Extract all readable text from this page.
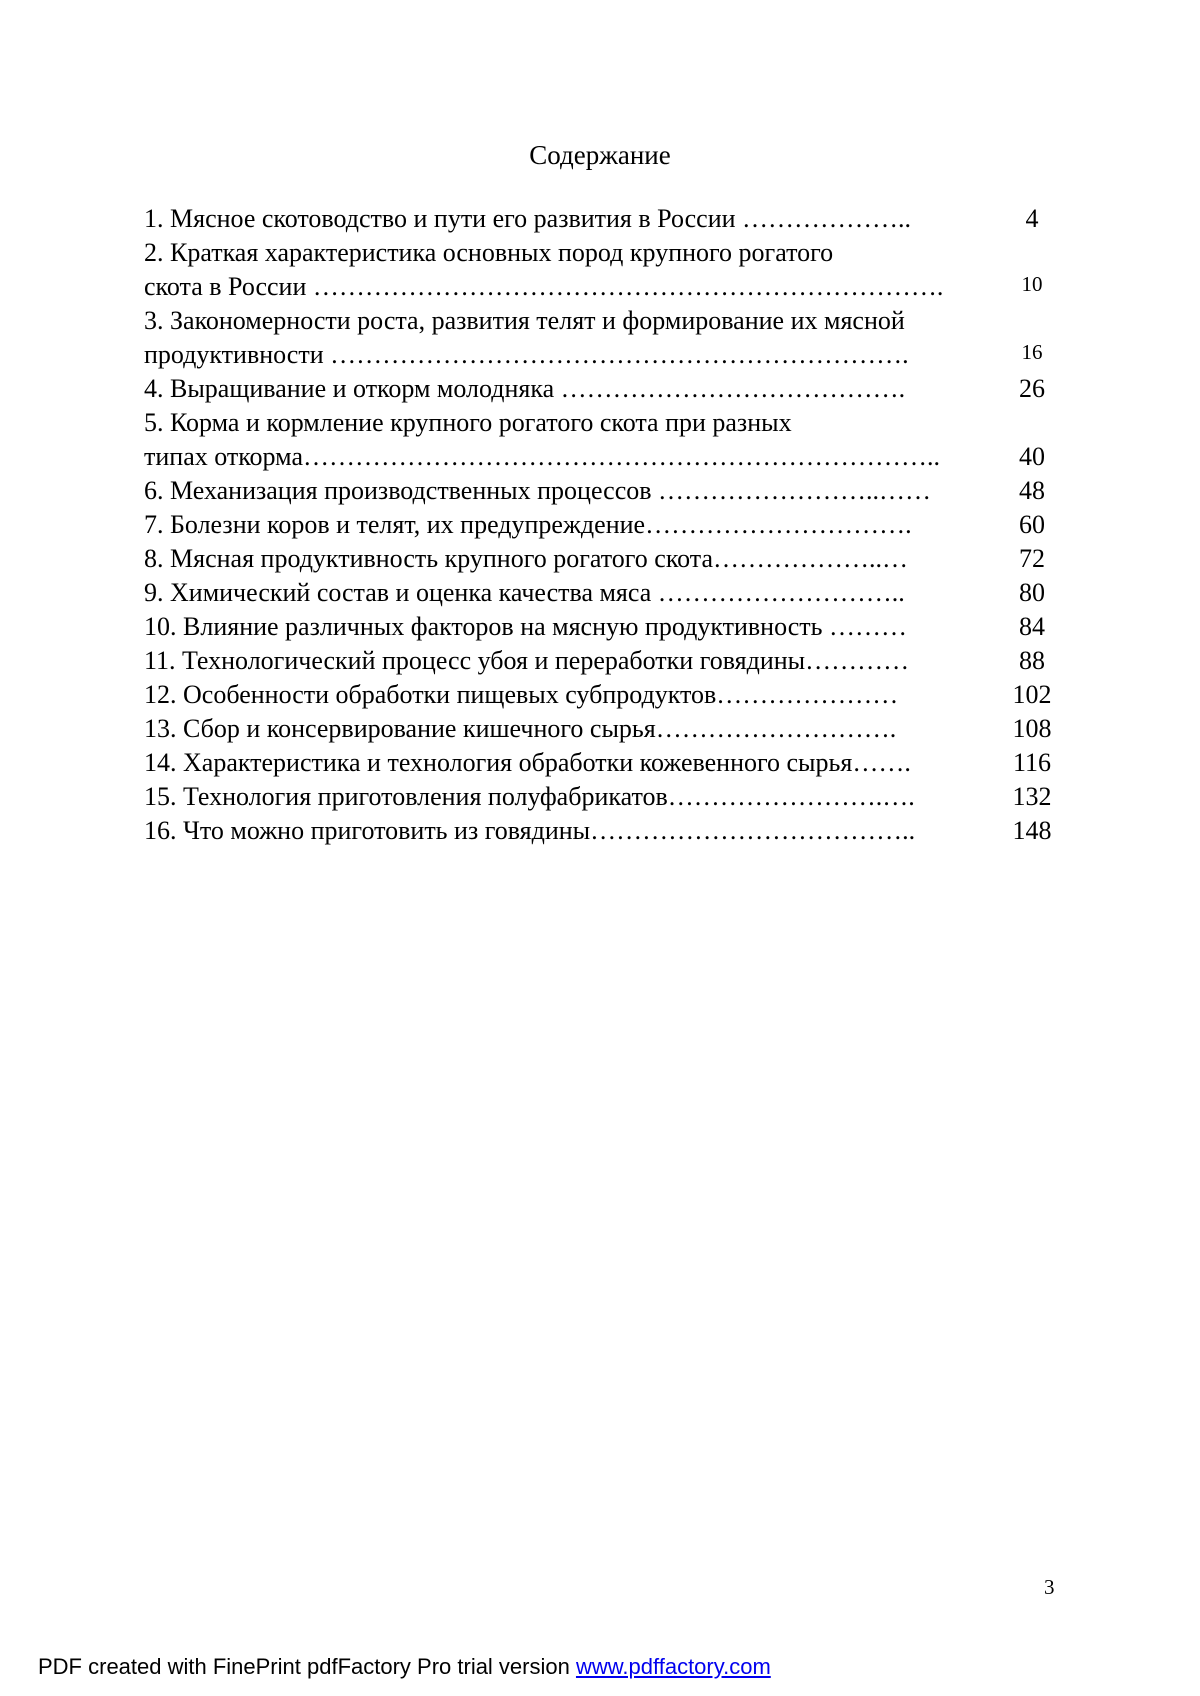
Содержание
1. Мясное скотоводство и пути его развития в России ………………..	4
2. Краткая характеристика основных пород крупного рогатого
скота в России ……………………………………………………………….	10
3. Закономерности роста, развития телят и формирование их мясной
продуктивности ………………………………………………………….	16
4. Выращивание и откорм молодняка ………………………………….	26
5. Корма и кормление крупного рогатого скота при разных
типах откорма………………………………………………………………..	40
6. Механизация производственных процессов ……………………..……	48
7. Болезни коров и телят, их предупреждение………………………….	60
8. Мясная продуктивность крупного рогатого скота………………..…	72
9. Химический состав и оценка качества мяса ………………………..	80
10. Влияние различных факторов на мясную продуктивность ………	84
11. Технологический процесс убоя и переработки говядины…………	88
12. Особенности обработки пищевых субпродуктов…………………	102
13. Сбор и консервирование кишечного сырья……………………….	108
14. Характеристика и технология обработки кожевенного сырья…….	116
15. Технология приготовления полуфабрикатов…………………….….	132
16. Что можно приготовить из говядины………………………………..	148
3
PDF created with FinePrint pdfFactory Pro trial version www.pdffactory.com
